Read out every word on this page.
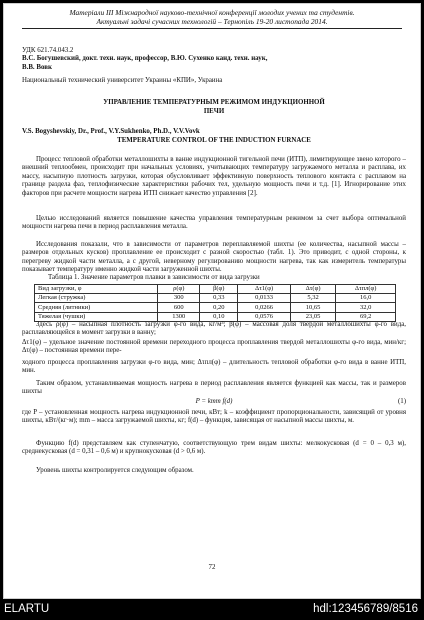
Матеріали ІІІ Міжнародної науково-технічної конференції молодих учених та студентів.
Актуальні задачі сучасних технологій – Тернопіль 19-20 листопада 2014.
УДК 621.74.043.2
В.С. Богушевский, докт. техн. наук, профессор, В.Ю. Сухенко канд. техн. наук,
В.В. Вовк
Национальный технический университет Украины «КПИ», Украина
УПРАВЛЕНИЕ ТЕМПЕРАТУРНЫМ РЕЖИМОМ ИНДУКЦИОННОЙ
ПЕЧИ
V.S. Bogyshevskiy, Dr., Prof., V.Y.Sukhenko, Ph.D., V.V.Vovk
TEMPERATURE CONTROL OF THE INDUCTION FURNACE
Процесс тепловой обработки металлошихты в ванне индукционной тигельной печи (ИТП), лимитирующее звено которого – внешний теплообмен, происходит при начальных условиях, учитывающих температуру загружаемого металла и расплава, их массу, насыпную плотность загрузки, которая обусловливает эффективную поверхность теплового контакта с расплавом на границе раздела фаз, теплофизические характеристики рабочих тел, удельную мощность печи и т.д. [1]. Игнорирование этих факторов при расчете мощности нагрева ИТП снижает качество управления [2].
Целью исследований является повышение качества управления температурным режимом за счет выбора оптимальной мощности нагрева печи в период расплавления металла.
Исследования показали, что в зависимости от параметров переплавляемой шихты (ее количества, насыпной массы – размеров отдельных кусков) проплавление ее происходит с разной скоростью (табл. 1). Это приводит, с одной стороны, к перегреву жидкой части металла, а с другой, неверному регулированию мощности нагрева, так как измеритель температуры показывает температуру именно жидкой части загруженной шихты.
Таблица 1. Значение параметров плавки в зависимости от вида загрузки
Вид загрузки, φ	ρ(φ)	β(φ)	Δτ1(φ)	Δτ(φ)	Δτпл(φ)
Легкая (стружка)	300	0,33	0,0133	5,32	16,0
Средняя (литники)	600	0,20	0,0266	10,65	32,0
Тяжелая (чушки)	1300	0,10	0,0576	23,05	69,2
Здесь ρ(φ) – насыпная плотность загрузки φ-го вида, кг/м³; β(φ) – массовая доля твердой металлошихты φ-го вида, расплавляющейся в момент загрузки в ванну;
Δτ1(φ) – удельное значение постоянной времени переходного процесса проплавления твердой металлошихты φ-го вида, мин/кг; Δτ(φ) – постоянная времени пере-
ходного процесса проплавления загрузки φ-го вида, мин; Δτпл(φ) – длительность тепловой обработки φ-го вида в ванне ИТП, мин.
Таким образом, устанавливаемая мощность нагрева в период расплавления является функцией как массы, так и размеров шихты
P = kmm f(d)	(1)
где P – установленная мощность нагрева индукционной печи, кВт; k – коэффициент пропорциональности, зависящий от уровня шихты, кВт/(кг·м); mm – масса загружаемой шихты, кг; f(d) – функция, зависящая от насыпной массы шихты, м.
Функцию f(d) представляем как ступенчатую, соответствующую трем видам шихты: мелкокусковая (d = 0 – 0,3 м), среднекусковая (d = 0,31 – 0,6 м) и крупнокусковая (d > 0,6 м).
Уровень шихты контролируется следующим образом.
72
ELARTU	hdl:123456789/8516
